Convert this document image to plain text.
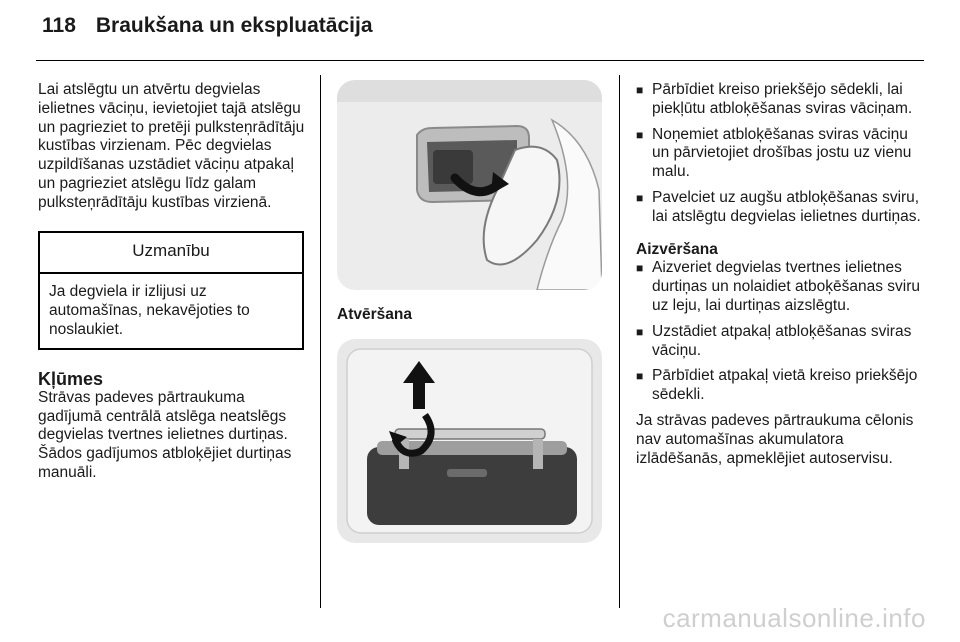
118 Braukšana un ekspluatācija

Lai atslēgtu un atvērtu degvielas ielietnes vāciņu, ievietojiet tajā atslēgu un pagrieziet to pretēji pulksteņrādītāju kustības virzienam. Pēc degvielas uzpildīšanas uzstādiet vāciņu atpakaļ un pagrieziet atslēgu līdz galam pulksteņrādītāju kustības virzienā.

Uzmanību
Ja degviela ir izlijusi uz automašīnas, nekavējoties to noslaukiet.
Kļūmes

Strāvas padeves pārtraukuma gadījumā centrālā atslēga neatslēgs degvielas tvertnes ielietnes durtiņas. Šādos gadījumos atbloķējiet durtiņas manuāli.

Atvēršana

■ Pārbīdiet kreiso priekšējo sēdekli, lai piekļūtu atbloķēšanas sviras vāciņam.
■ Noņemiet atbloķēšanas sviras vāciņu un pārvietojiet drošības jostu uz vienu malu.
■ Pavelciet uz augšu atbloķēšanas sviru, lai atslēgtu degvielas ielietnes durtiņas.
Aizvēršana
■ Aizveriet degvielas tvertnes ielietnes durtiņas un nolaidiet atboķēšanas sviru uz leju, lai durtiņas aizslēgtu.
■ Uzstādiet atpakaļ atbloķēšanas sviras vāciņu.
■ Pārbīdiet atpakaļ vietā kreiso priekšējo sēdekli.

Ja strāvas padeves pārtraukuma cēlonis nav automašīnas akumulatora izlādēšanās, apmeklējiet autoservisu.

carmanualsonline.info
